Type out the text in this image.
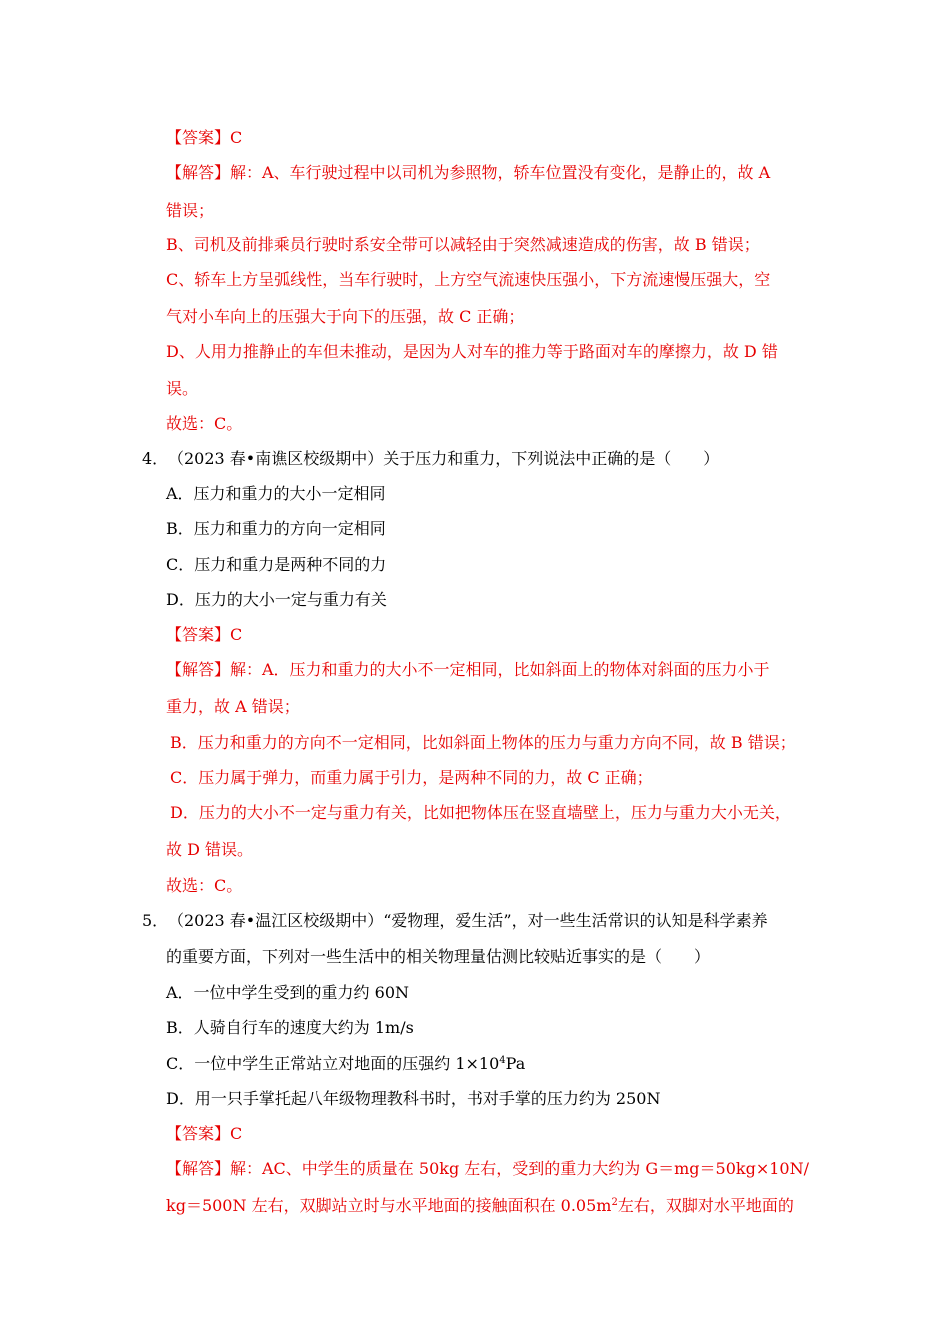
【答案】C
【解答】解：A、车行驶过程中以司机为参照物，轿车位置没有变化，是静止的，故 A
错误；
B、司机及前排乘员行驶时系安全带可以减轻由于突然减速造成的伤害，故 B 错误；
C、轿车上方呈弧线性，当车行驶时，上方空气流速快压强小，下方流速慢压强大，空
气对小车向上的压强大于向下的压强，故 C 正确；
D、人用力推静止的车但未推动，是因为人对车的推力等于路面对车的摩擦力，故 D 错
误。
故选：C。
4．（2023 春•南谯区校级期中）关于压力和重力，下列说法中正确的是（　　）
A．压力和重力的大小一定相同
B．压力和重力的方向一定相同
C．压力和重力是两种不同的力
D．压力的大小一定与重力有关
【答案】C
【解答】解：A．压力和重力的大小不一定相同，比如斜面上的物体对斜面的压力小于
重力，故 A 错误；
B．压力和重力的方向不一定相同，比如斜面上物体的压力与重力方向不同，故 B 错误；
C．压力属于弹力，而重力属于引力，是两种不同的力，故 C 正确；
D．压力的大小不一定与重力有关，比如把物体压在竖直墙壁上，压力与重力大小无关，
故 D 错误。
故选：C。
5．（2023 春•温江区校级期中）“爱物理，爱生活”，对一些生活常识的认知是科学素养
的重要方面，下列对一些生活中的相关物理量估测比较贴近事实的是（　　）
A．一位中学生受到的重力约 60N
B．人骑自行车的速度大约为 1m/s
C．一位中学生正常站立对地面的压强约 $1\times 10^4Pa$
D．用一只手掌托起八年级物理教科书时，书对手掌的压力约为 250N
【答案】C
【解答】解：AC、中学生的质量在 50kg 左右，受到的重力大约为 G＝mg＝50kg×10N/
kg＝500N 左右，双脚站立时与水平地面的接触面积在 $0.05m^2$左右，双脚对水平地面的
